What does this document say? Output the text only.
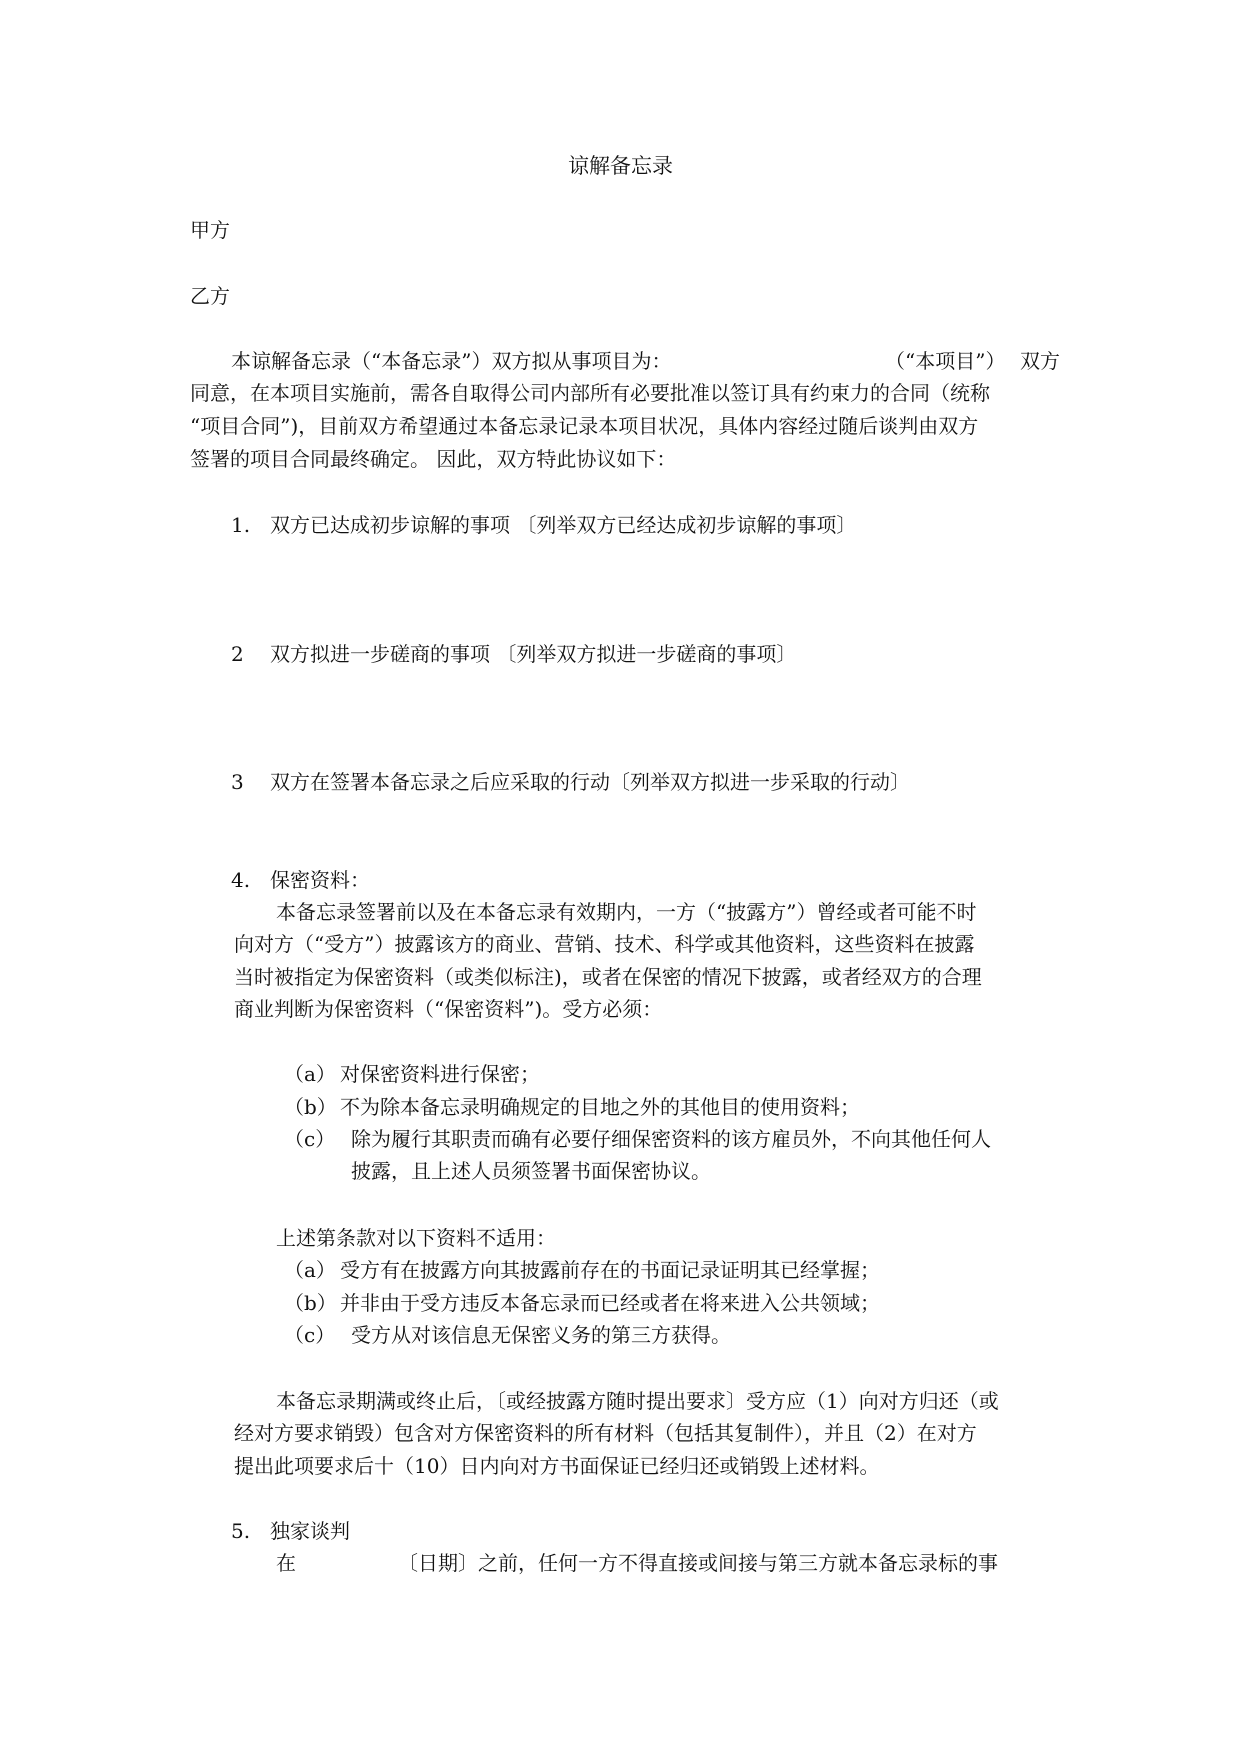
谅解备忘录
甲方
乙方
本谅解备忘录（“本备忘录”）双方拟从事项目为：	（“本项目”） 双方
同意，在本项目实施前，需各自取得公司内部所有必要批准以签订具有约束力的合同（统称
“项目合同”)，目前双方希望通过本备忘录记录本项目状况，具体内容经过随后谈判由双方
签署的项目合同最终确定。 因此，双方特此协议如下：
1. 双方已达成初步谅解的事项 〔列举双方已经达成初步谅解的事项〕
2 双方拟进一步磋商的事项 〔列举双方拟进一步磋商的事项〕
3 双方在签署本备忘录之后应采取的行动〔列举双方拟进一步采取的行动〕
4. 保密资料：
本备忘录签署前以及在本备忘录有效期内，一方（“披露方”）曾经或者可能不时
向对方（“受方”）披露该方的商业、营销、技术、科学或其他资料，这些资料在披露
当时被指定为保密资料（或类似标注)，或者在保密的情况下披露，或者经双方的合理
商业判断为保密资料（“保密资料”)。受方必须：
（a） 对保密资料进行保密；
（b） 不为除本备忘录明确规定的目地之外的其他目的使用资料；
（c） 除为履行其职责而确有必要仔细保密资料的该方雇员外，不向其他任何人
披露，且上述人员须签署书面保密协议。
上述第条款对以下资料不适用：
（a） 受方有在披露方向其披露前存在的书面记录证明其已经掌握；
（b） 并非由于受方违反本备忘录而已经或者在将来进入公共领域；
（c） 受方从对该信息无保密义务的第三方获得。
本备忘录期满或终止后，〔或经披露方随时提出要求〕受方应（1）向对方归还（或
经对方要求销毁）包含对方保密资料的所有材料（包括其复制件），并且（2）在对方
提出此项要求后十（10）日内向对方书面保证已经归还或销毁上述材料。
5. 独家谈判
在	〔日期〕之前，任何一方不得直接或间接与第三方就本备忘录标的事
